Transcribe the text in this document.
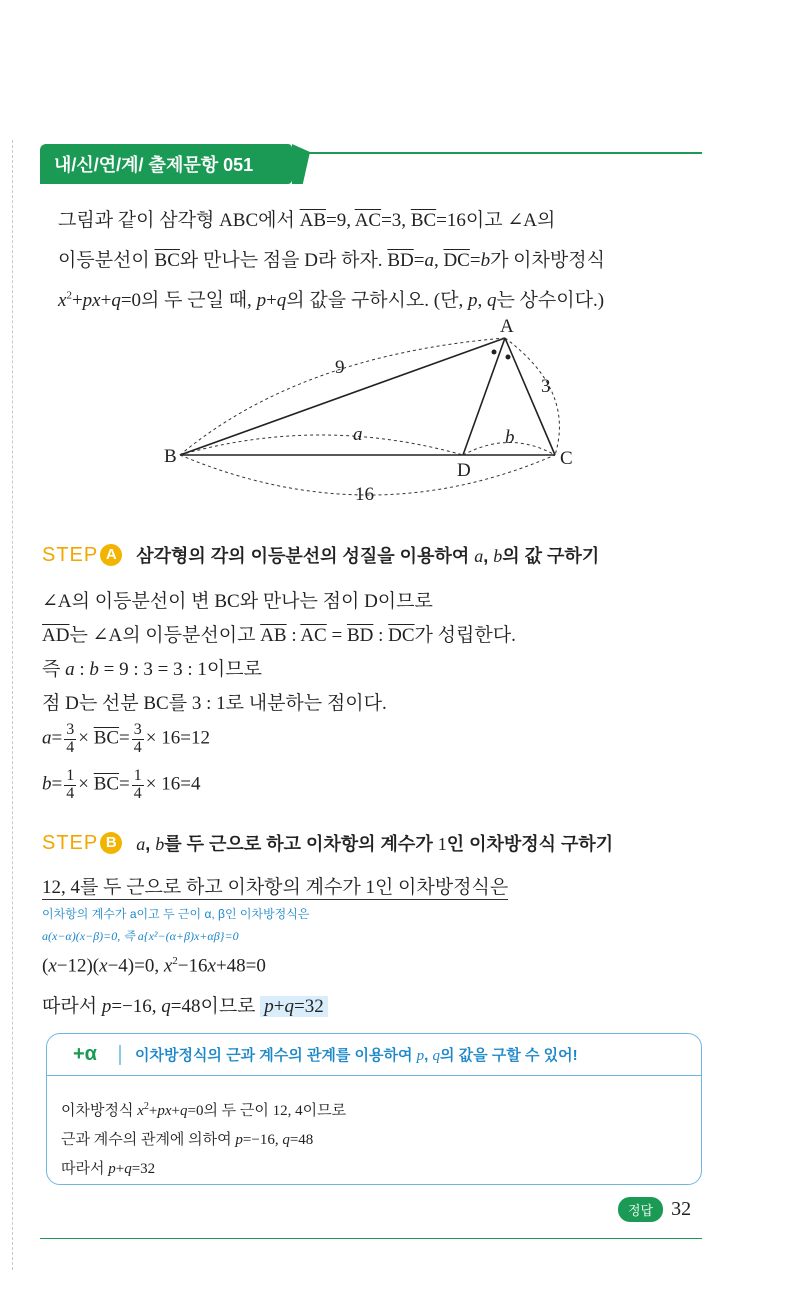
내/신/연/계/ 출제문항 051
그림과 같이 삼각형 ABC에서 $\overline{AB}=9$, $\overline{AC}=3$, $\overline{BC}=16$이고 ∠A의
이등분선이 $\overline{BC}$와 만나는 점을 D라 하자. $\overline{BD}=a$, $\overline{DC}=b$가 이차방정식
$x^2+px+q=0$의 두 근일 때, p+q의 값을 구하시오. (단, p, q는 상수이다.)
A
B	C
D
9
3
a	b
16
STEP A	삼각형의 각의 이등분선의 성질을 이용하여 a, b의 값 구하기
∠A의 이등분선이 변 BC와 만나는 점이 D이므로
$\overline{AD}$는 ∠A의 이등분선이고 $\overline{AB}$ : $\overline{AC} = \overline{BD}$ : $\overline{DC}$가 성립한다.
즉 a : b = 9 : 3 = 3 : 1이므로
점 D는 선분 BC를 3 : 1로 내분하는 점이다.
$a= \frac{3}{4} \times \overline{BC}= \frac{3}{4} \times 16=12$
$b= \frac{1}{4} \times \overline{BC}= \frac{1}{4} \times 16=4$
STEP B	a, b를 두 근으로 하고 이차항의 계수가 1인 이차방정식 구하기
12, 4를 두 근으로 하고 이차항의 계수가 1인 이차방정식은
이차항의 계수가 a이고 두 근이 α, β인 이차방정식은
a(x−α)(x−β)=0, 즉 a{x²−(α+β)x+αβ}=0
(x−12)(x−4)=0, $x^2-16x+48=0$
따라서 p=−16, q=48이므로 p+q=32
+α	이차방정식의 근과 계수의 관계를 이용하여 p, q의 값을 구할 수 있어!
이차방정식 $x^2+px+q=0$의 두 근이 12, 4이므로
근과 계수의 관계에 의하여 p=−16, q=48
따라서 p+q=32
정답 32
